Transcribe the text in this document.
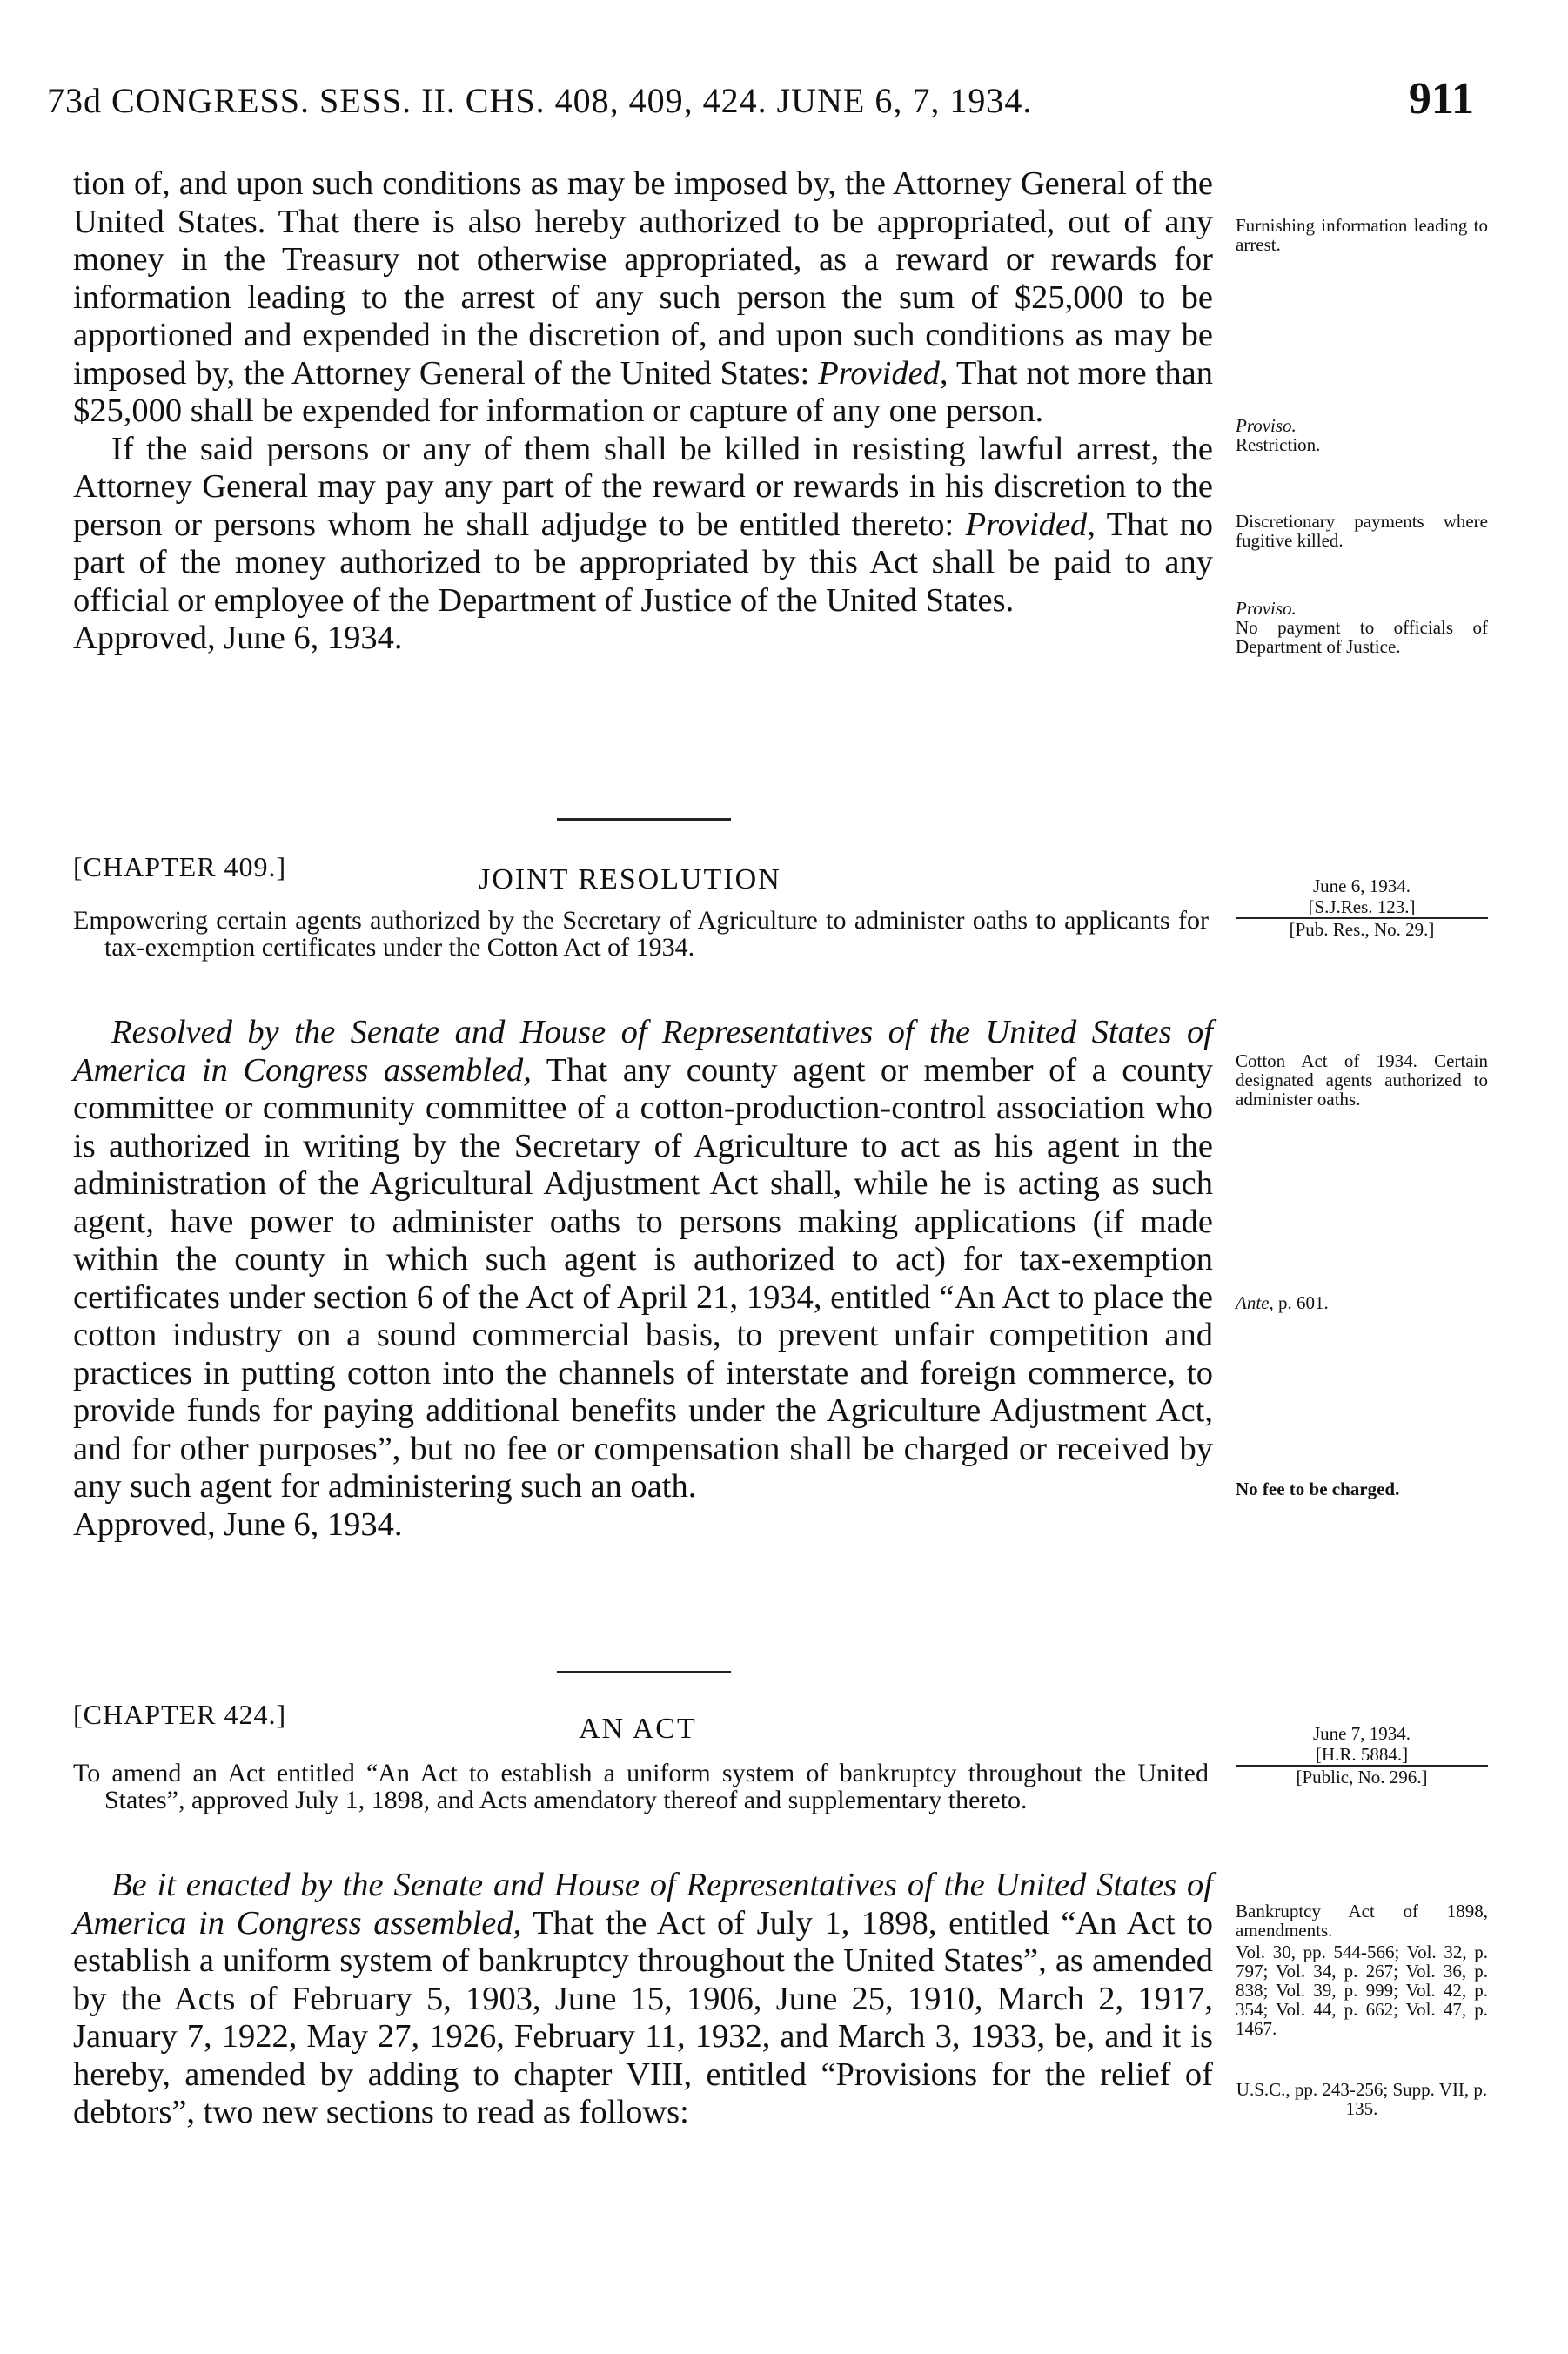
73d CONGRESS. SESS. II. CHS. 408, 409, 424. JUNE 6, 7, 1934.	911

tion of, and upon such conditions as may be imposed by, the Attorney General of the United States. That there is also hereby authorized to be appropriated, out of any money in the Treasury not otherwise appropriated, as a reward or rewards for information leading to the arrest of any such person the sum of $25,000 to be apportioned and expended in the discretion of, and upon such conditions as may be imposed by, the Attorney General of the United States: Provided, That not more than $25,000 shall be expended for information or capture of any one person.

If the said persons or any of them shall be killed in resisting lawful arrest, the Attorney General may pay any part of the reward or rewards in his discretion to the person or persons whom he shall adjudge to be entitled thereto: Provided, That no part of the money authorized to be appropriated by this Act shall be paid to any official or employee of the Department of Justice of the United States.

Approved, June 6, 1934.

Furnishing information leading to arrest.
Proviso.
Restriction.
Discretionary payments where fugitive killed.
Proviso.
No payment to officials of Department of Justice.
[CHAPTER 409.]	JOINT RESOLUTION	June 6, 1934.
[S.J.Res. 123.]
[Pub. Res., No. 29.]

Empowering certain agents authorized by the Secretary of Agriculture to administer oaths to applicants for tax-exemption certificates under the Cotton Act of 1934.

Resolved by the Senate and House of Representatives of the United States of America in Congress assembled, That any county agent or member of a county committee or community committee of a cotton-production-control association who is authorized in writing by the Secretary of Agriculture to act as his agent in the administration of the Agricultural Adjustment Act shall, while he is acting as such agent, have power to administer oaths to persons making applications (if made within the county in which such agent is authorized to act) for tax-exemption certificates under section 6 of the Act of April 21, 1934, entitled “An Act to place the cotton industry on a sound commercial basis, to prevent unfair competition and practices in putting cotton into the channels of interstate and foreign commerce, to provide funds for paying additional benefits under the Agriculture Adjustment Act, and for other purposes”, but no fee or compensation shall be charged or received by any such agent for administering such an oath.

Approved, June 6, 1934.

Cotton Act of 1934. Certain designated agents authorized to administer oaths.
Ante, p. 601.
No fee to be charged.
[CHAPTER 424.]	AN ACT	June 7, 1934.
[H.R. 5884.]
[Public, No. 296.]

To amend an Act entitled “An Act to establish a uniform system of bankruptcy throughout the United States”, approved July 1, 1898, and Acts amendatory thereof and supplementary thereto.

Be it enacted by the Senate and House of Representatives of the United States of America in Congress assembled, That the Act of July 1, 1898, entitled “An Act to establish a uniform system of bankruptcy throughout the United States”, as amended by the Acts of February 5, 1903, June 15, 1906, June 25, 1910, March 2, 1917, January 7, 1922, May 27, 1926, February 11, 1932, and March 3, 1933, be, and it is hereby, amended by adding to chapter VIII, entitled “Provisions for the relief of debtors”, two new sections to read as follows:

Bankruptcy Act of 1898, amendments.
Vol. 30, pp. 544-566; Vol. 32, p. 797; Vol. 34, p. 267; Vol. 36, p. 838; Vol. 39, p. 999; Vol. 42, p. 354; Vol. 44, p. 662; Vol. 47, p. 1467.
U.S.C., pp. 243-256; Supp. VII, p. 135.
